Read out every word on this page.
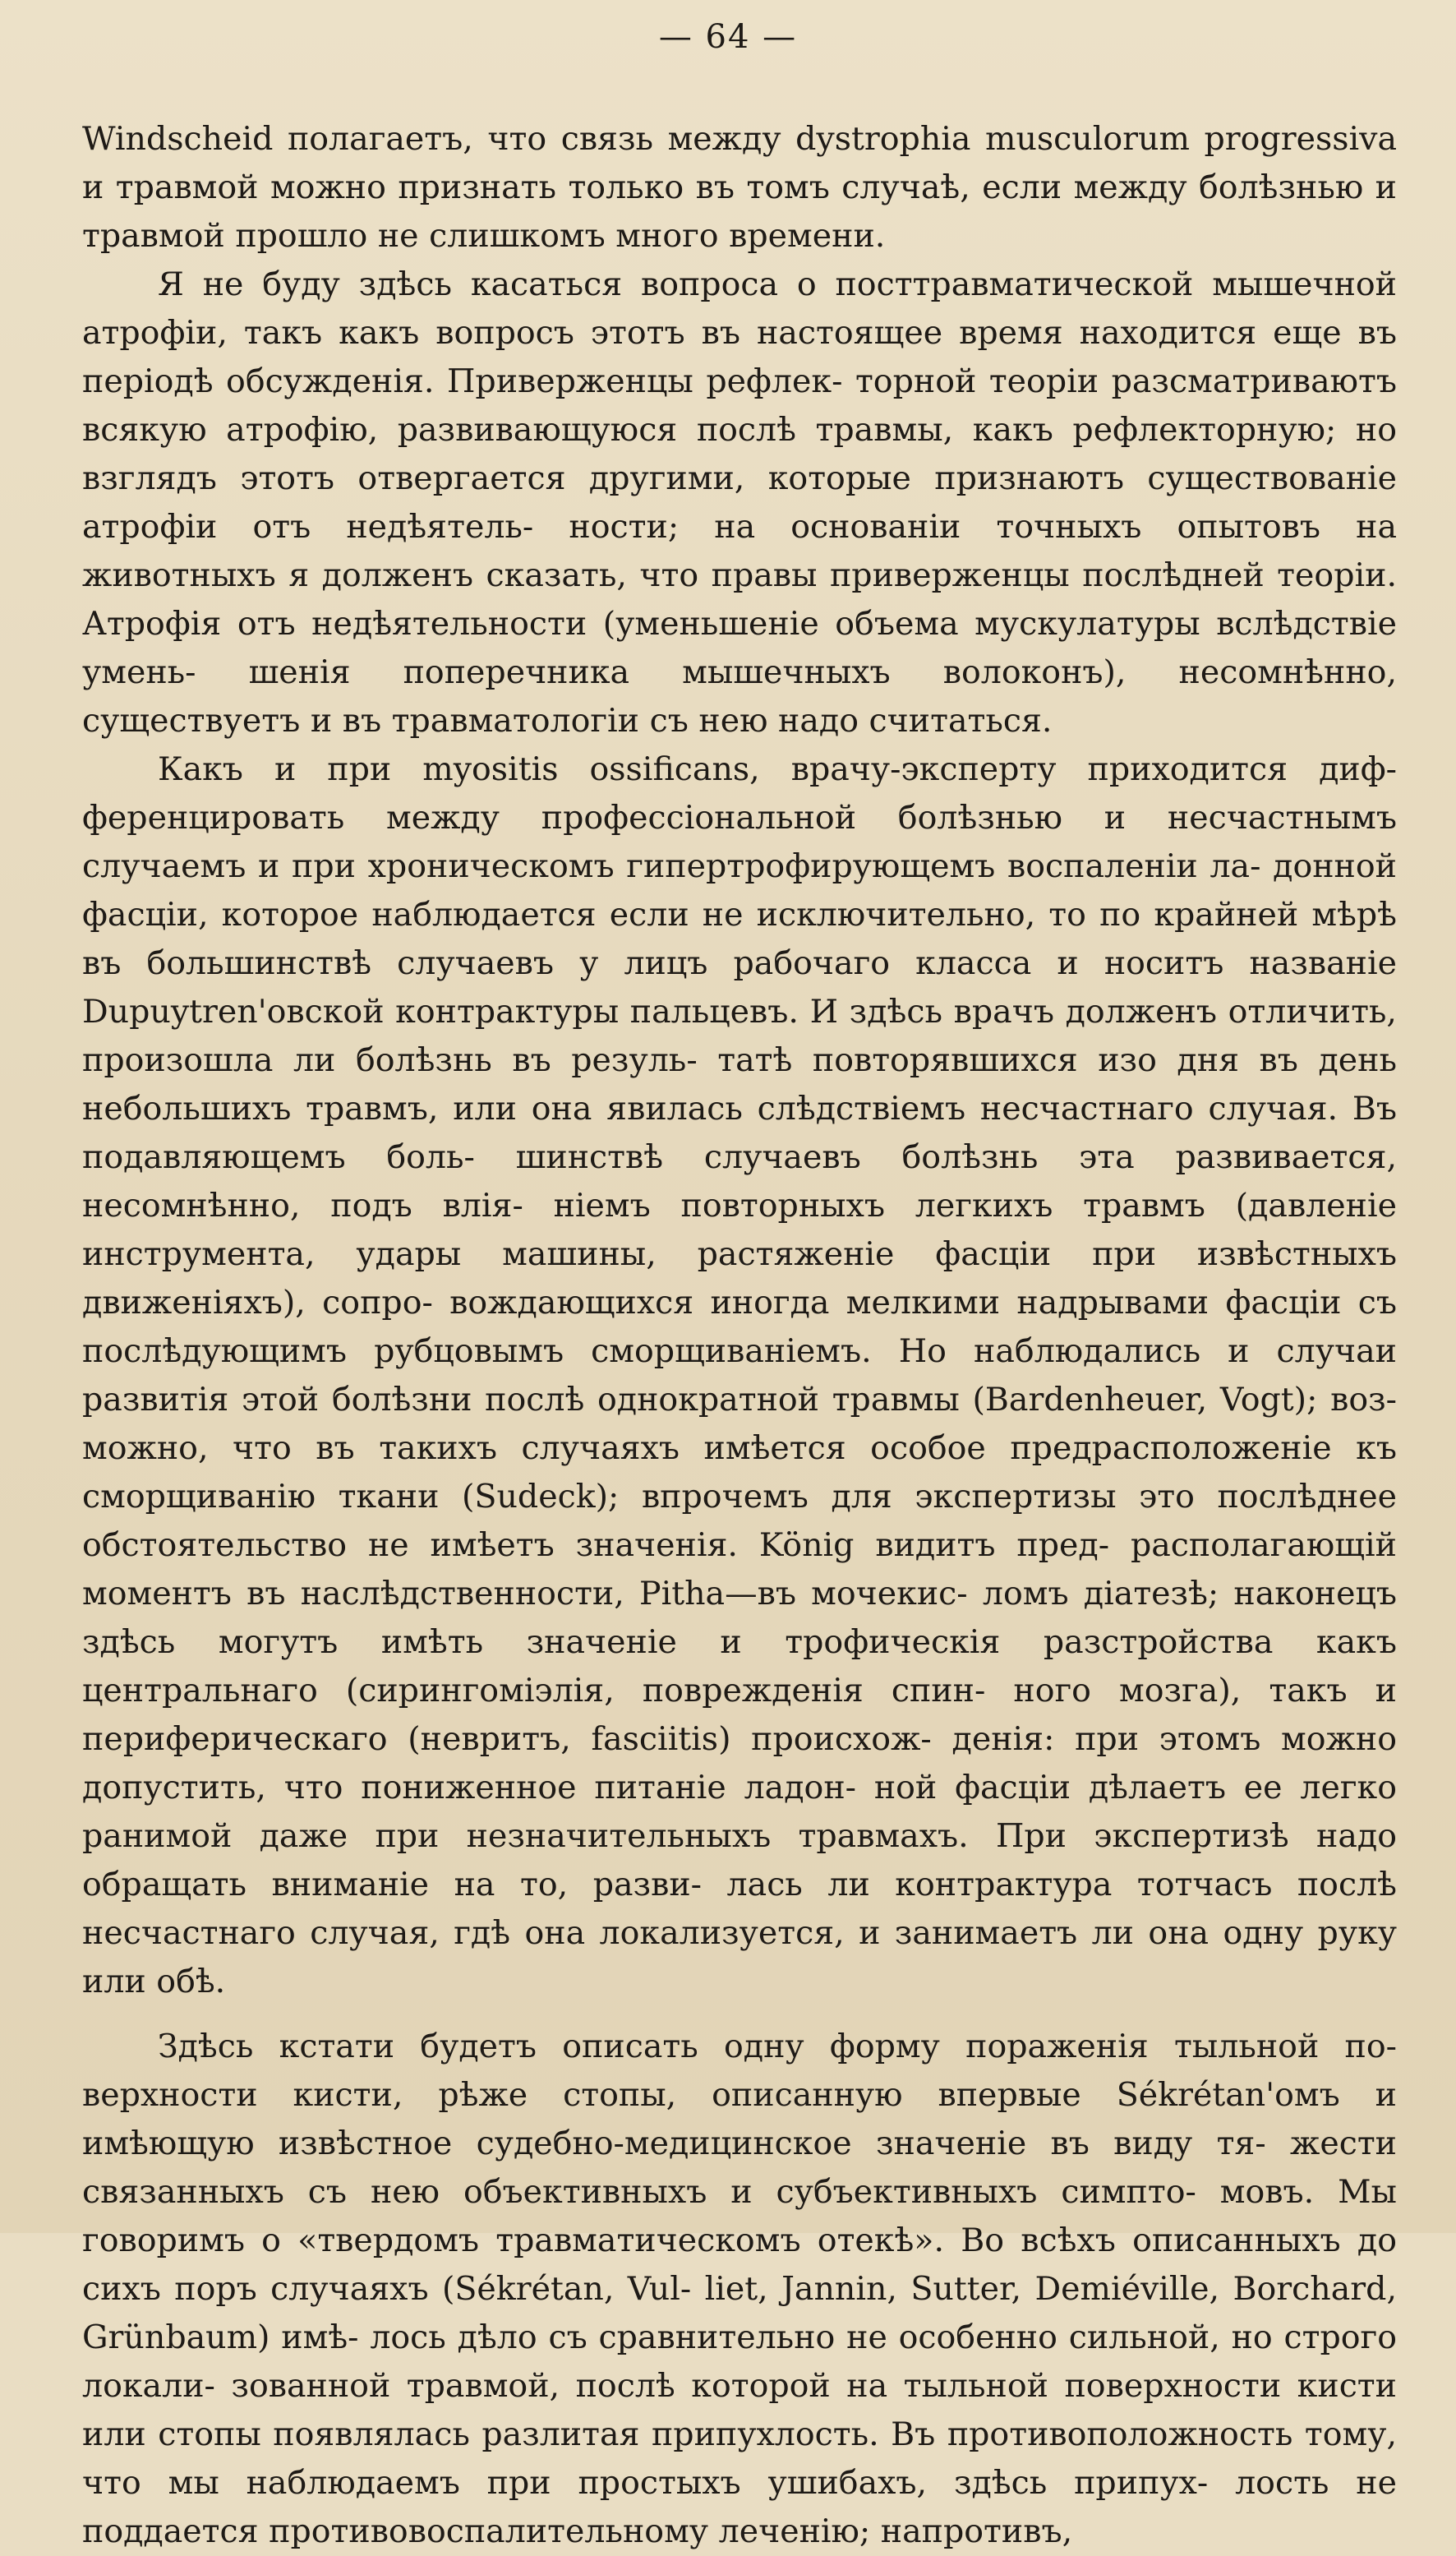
— 64 —

Windscheid полагаетъ, что связь между dystrophia musculorum progressiva и травмой можно признать только въ томъ случаѣ, если между болѣзнью и травмой прошло не слишкомъ много времени.

Я не буду здѣсь касаться вопроса о посттравматической мышечной атрофіи, такъ какъ вопросъ этотъ въ настоящее время находится еще въ періодѣ обсужденія. Приверженцы рефлек- торной теоріи разсматриваютъ всякую атрофію, развивающуюся послѣ травмы, какъ рефлекторную; но взглядъ этотъ отвергается другими, которые признаютъ существованіе атрофіи отъ недѣятель- ности; на основаніи точныхъ опытовъ на животныхъ я долженъ сказать, что правы приверженцы послѣдней теоріи. Атрофія отъ недѣятельности (уменьшеніе объема мускулатуры вслѣдствіе умень- шенія поперечника мышечныхъ волоконъ), несомнѣнно, существуетъ и въ травматологіи съ нею надо считаться.

Какъ и при myositis ossificans, врачу-эксперту приходится диф- ференцировать между профессіональной болѣзнью и несчастнымъ случаемъ и при хроническомъ гипертрофирующемъ воспаленіи ла- донной фасціи, которое наблюдается если не исключительно, то по крайней мѣрѣ въ большинствѣ случаевъ у лицъ рабочаго класса и носитъ названіе Dupuytren'овской контрактуры пальцевъ. И здѣсь врачъ долженъ отличить, произошла ли болѣзнь въ резуль- татѣ повторявшихся изо дня въ день небольшихъ травмъ, или она явилась слѣдствіемъ несчастнаго случая. Въ подавляющемъ боль- шинствѣ случаевъ болѣзнь эта развивается, несомнѣнно, подъ влія- ніемъ повторныхъ легкихъ травмъ (давленіе инструмента, удары машины, растяженіе фасціи при извѣстныхъ движеніяхъ), сопро- вождающихся иногда мелкими надрывами фасціи съ послѣдующимъ рубцовымъ сморщиваніемъ. Но наблюдались и случаи развитія этой болѣзни послѣ однократной травмы (Bardenheuer, Vogt); воз- можно, что въ такихъ случаяхъ имѣется особое предрасположеніе къ сморщиванію ткани (Sudeck); впрочемъ для экспертизы это послѣднее обстоятельство не имѣетъ значенія. König видитъ пред- располагающій моментъ въ наслѣдственности, Pitha—въ мочекис- ломъ діатезѣ; наконецъ здѣсь могутъ имѣть значеніе и трофическія разстройства какъ центральнаго (сирингоміэлія, поврежденія спин- ного мозга), такъ и периферическаго (невритъ, fasciitis) происхож- денія: при этомъ можно допустить, что пониженное питаніе ладон- ной фасціи дѣлаетъ ее легко ранимой даже при незначительныхъ травмахъ. При экспертизѣ надо обращать вниманіе на то, разви- лась ли контрактура тотчасъ послѣ несчастнаго случая, гдѣ она локализуется, и занимаетъ ли она одну руку или обѣ.

Здѣсь кстати будетъ описать одну форму пораженія тыльной по- верхности кисти, рѣже стопы, описанную впервые Sékrétan'омъ и имѣющую извѣстное судебно-медицинское значеніе въ виду тя- жести связанныхъ съ нею объективныхъ и субъективныхъ симпто- мовъ. Мы говоримъ о «твердомъ травматическомъ отекѣ». Во всѣхъ описанныхъ до сихъ поръ случаяхъ (Sékrétan, Vul- liet, Jannin, Sutter, Demiéville, Borchard, Grünbaum) имѣ- лось дѣло съ сравнительно не особенно сильной, но строго локали- зованной травмой, послѣ которой на тыльной поверхности кисти или стопы появлялась разлитая припухлость. Въ противоположность тому, что мы наблюдаемъ при простыхъ ушибахъ, здѣсь припух- лость не поддается противовоспалительному леченію; напротивъ,
